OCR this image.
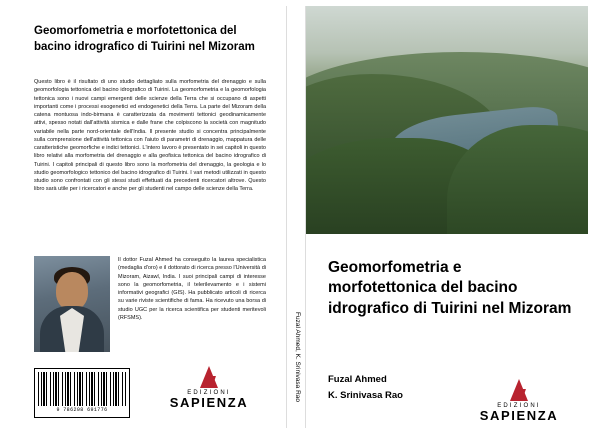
Geomorfometria e morfotettonica del bacino idrografico di Tuirini nel Mizoram
Questo libro è il risultato di uno studio dettagliato sulla morfometria del drenaggio e sulla geomorfologia tettonica del bacino idrografico di Tuirini. La geomorfometria e la geomorfologia tettonica sono i nuovi campi emergenti delle scienze della Terra che si occupano di aspetti importanti come i processi esogenetici ed endogenetici della Terra. La parte del Mizoram della catena montuosa indo-birmana è caratterizzata da movimenti tettonici geodinamicamente attivi, spesso notati dall'attività sismica e dalle frane che colpiscono la società con magnitudo variabile nella parte nord-orientale dell'India. Il presente studio si concentra principalmente sulla comprensione dell'attività tettonica con l'aiuto di parametri di drenaggio, mappatura delle caratteristiche geomorfiche e indici tettonici. L'intero lavoro è presentato in sei capitoli in questo libro relativi alla morfometria del drenaggio e alla geofisica tettonica del bacino idrografico di Tuirini. I capitoli principali di questo libro sono la morfometria del drenaggio, la geologia e lo studio geomorfologico tettonico del bacino idrografico di Tuirini. I vari metodi utilizzati in questo studio sono confrontati con gli stessi studi effettuati da precedenti ricercatori altrove. Questo libro sarà utile per i ricercatori e anche per gli studenti nel campo delle scienze della Terra.
Il dottor Fuzal Ahmed ha conseguito la laurea specialistica (medaglia d'oro) e il dottorato di ricerca presso l'Università di Mizoram, Aizawl, India. I suoi principali campi di interesse sono la geomorfometria, il telerilevamento e i sistemi informativi geografici (GIS). Ha pubblicato articoli di ricerca su varie riviste scientifiche di fama. Ha ricevuto una borsa di studio UGC per la ricerca scientifica per studenti meritevoli (RFSMS).
9 786208 691776
EDIZIONI
SAPIENZA
Fuzal Ahmed, K. Srinivasa Rao
Geomorfometria e morfotettonica del bacino idrografico di Tuirini nel Mizoram
Fuzal Ahmed
K. Srinivasa Rao
EDIZIONI
SAPIENZA
